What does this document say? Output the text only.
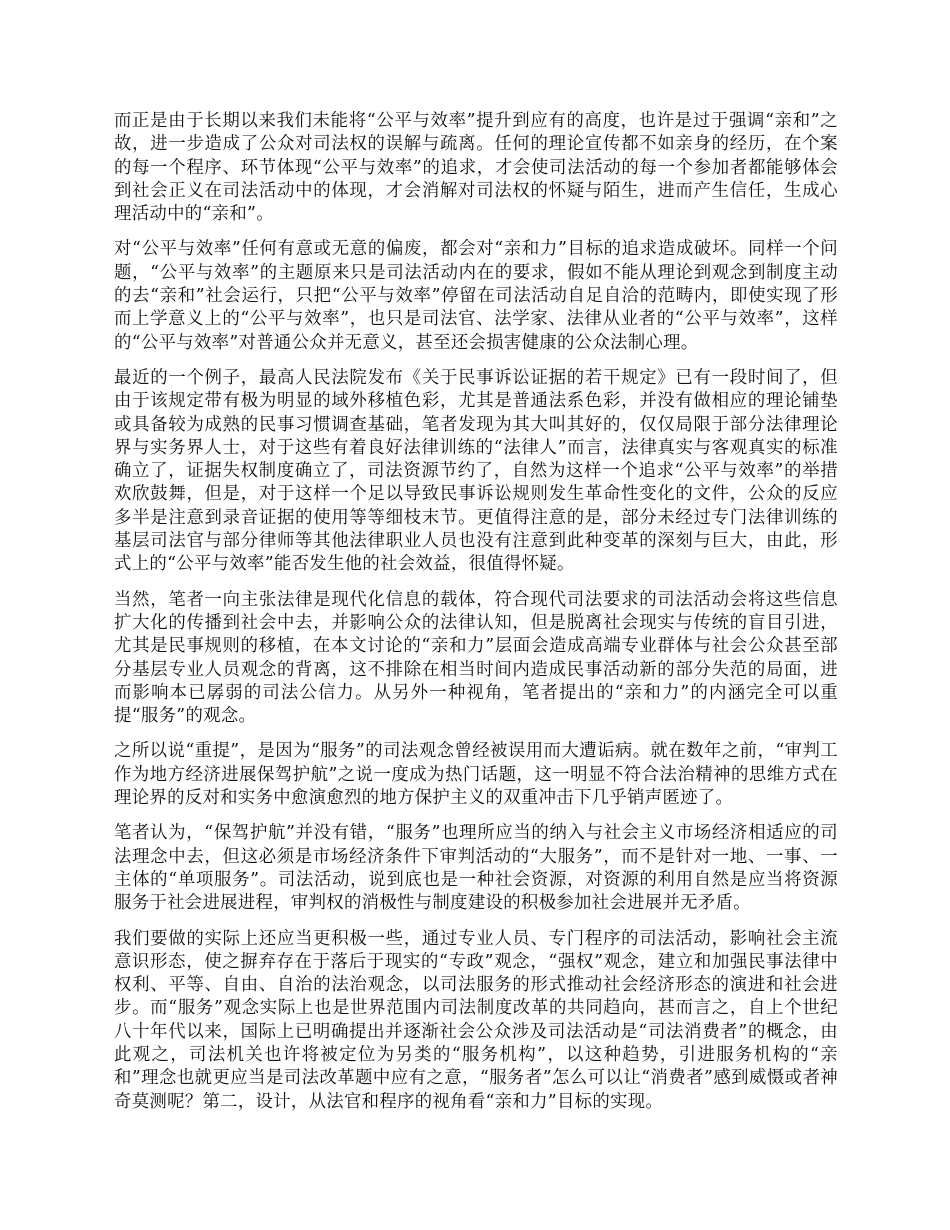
而正是由于长期以来我们未能将“公平与效率”提升到应有的高度，也许是过于强调“亲和”之故，进一步造成了公众对司法权的误解与疏离。任何的理论宣传都不如亲身的经历，在个案的每一个程序、环节体现“公平与效率”的追求，才会使司法活动的每一个参加者都能够体会到社会正义在司法活动中的体现，才会消解对司法权的怀疑与陌生，进而产生信任，生成心理活动中的“亲和”。

对“公平与效率”任何有意或无意的偏废，都会对“亲和力”目标的追求造成破坏。同样一个问题，“公平与效率”的主题原来只是司法活动内在的要求，假如不能从理论到观念到制度主动的去“亲和”社会运行，只把“公平与效率”停留在司法活动自足自洽的范畴内，即使实现了形而上学意义上的“公平与效率”，也只是司法官、法学家、法律从业者的“公平与效率”，这样的“公平与效率”对普通公众并无意义，甚至还会损害健康的公众法制心理。

最近的一个例子，最高人民法院发布《关于民事诉讼证据的若干规定》已有一段时间了，但由于该规定带有极为明显的域外移植色彩，尤其是普通法系色彩，并没有做相应的理论铺垫或具备较为成熟的民事习惯调查基础，笔者发现为其大叫其好的，仅仅局限于部分法律理论界与实务界人士，对于这些有着良好法律训练的“法律人”而言，法律真实与客观真实的标准确立了，证据失权制度确立了，司法资源节约了，自然为这样一个追求“公平与效率”的举措欢欣鼓舞，但是，对于这样一个足以导致民事诉讼规则发生革命性变化的文件，公众的反应多半是注意到录音证据的使用等等细枝末节。更值得注意的是，部分未经过专门法律训练的基层司法官与部分律师等其他法律职业人员也没有注意到此种变革的深刻与巨大，由此，形式上的“公平与效率”能否发生他的社会效益，很值得怀疑。

当然，笔者一向主张法律是现代化信息的载体，符合现代司法要求的司法活动会将这些信息扩大化的传播到社会中去，并影响公众的法律认知，但是脱离社会现实与传统的盲目引进，尤其是民事规则的移植，在本文讨论的“亲和力”层面会造成高端专业群体与社会公众甚至部分基层专业人员观念的背离，这不排除在相当时间内造成民事活动新的部分失范的局面，进而影响本已孱弱的司法公信力。从另外一种视角，笔者提出的“亲和力”的内涵完全可以重提“服务”的观念。

之所以说“重提”，是因为“服务”的司法观念曾经被误用而大遭诟病。就在数年之前，“审判工作为地方经济进展保驾护航”之说一度成为热门话题，这一明显不符合法治精神的思维方式在理论界的反对和实务中愈演愈烈的地方保护主义的双重冲击下几乎销声匿迹了。

笔者认为，“保驾护航”并没有错，“服务”也理所应当的纳入与社会主义市场经济相适应的司法理念中去，但这必须是市场经济条件下审判活动的“大服务”，而不是针对一地、一事、一主体的“单项服务”。司法活动，说到底也是一种社会资源，对资源的利用自然是应当将资源服务于社会进展进程，审判权的消极性与制度建设的积极参加社会进展并无矛盾。

我们要做的实际上还应当更积极一些，通过专业人员、专门程序的司法活动，影响社会主流意识形态，使之摒弃存在于落后于现实的“专政”观念，“强权”观念，建立和加强民事法律中权利、平等、自由、自治的法治观念，以司法服务的形式推动社会经济形态的演进和社会进步。而“服务”观念实际上也是世界范围内司法制度改革的共同趋向，甚而言之，自上个世纪八十年代以来，国际上已明确提出并逐渐社会公众涉及司法活动是“司法消费者”的概念，由此观之，司法机关也许将被定位为另类的“服务机构”，以这种趋势，引进服务机构的“亲和”理念也就更应当是司法改革题中应有之意，“服务者”怎么可以让“消费者”感到威慑或者神奇莫测呢？第二，设计，从法官和程序的视角看“亲和力”目标的实现。
